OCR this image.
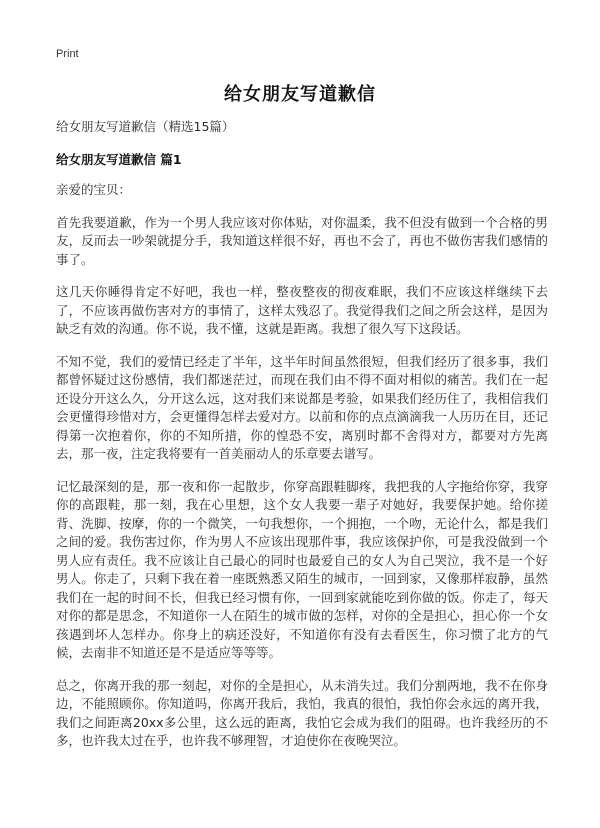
Print
给女朋友写道歉信

给女朋友写道歉信（精选15篇）

给女朋友写道歉信 篇1

亲爱的宝贝：

首先我要道歉，作为一个男人我应该对你体贴，对你温柔，我不但没有做到一个合格的男友，反而去一吵架就提分手，我知道这样很不好，再也不会了，再也不做伤害我们感情的事了。

这几天你睡得肯定不好吧，我也一样，整夜整夜的彻夜难眠，我们不应该这样继续下去了，不应该再做伤害对方的事情了，这样太残忍了。我觉得我们之间之所会这样，是因为缺乏有效的沟通。你不说，我不懂，这就是距离。我想了很久写下这段话。

不知不觉，我们的爱情已经走了半年，这半年时间虽然很短，但我们经历了很多事，我们都曾怀疑过这份感情，我们都迷茫过，而现在我们由不得不面对相似的痛苦。我们在一起还设分开这么久，分开这么远，这对我们来说都是考验，如果我们经历住了，我相信我们会更懂得珍惜对方，会更懂得怎样去爱对方。以前和你的点点滴滴我一人历历在目，还记得第一次抱着你，你的不知所措，你的惶恐不安，离别时都不舍得对方，都要对方先离去，那一夜，注定我将要有一首美丽动人的乐章要去谱写。

记忆最深刻的是，那一夜和你一起散步，你穿高跟鞋脚疼，我把我的人字拖给你穿，我穿你的高跟鞋，那一刻，我在心里想，这个女人我要一辈子对她好，我要保护她。给你搓背、洗脚、按摩，你的一个微笑，一句我想你，一个拥抱，一个吻，无论什么，都是我们之间的爱。我伤害过你，作为男人不应该出现那件事，我应该保护你，可是我没做到一个男人应有责任。我不应该让自己最心的同时也最爱自己的女人为自己哭泣，我不是一个好男人。你走了，只剩下我在着一座既熟悉又陌生的城市，一回到家，又像那样寂静，虽然我们在一起的时间不长，但我已经习惯有你，一回到家就能吃到你做的饭。你走了，每天对你的都是思念，不知道你一人在陌生的城市做的怎样，对你的全是担心，担心你一个女孩遇到坏人怎样办。你身上的病还没好，不知道你有没有去看医生，你习惯了北方的气候，去南非不知道还是不是适应等等等。

总之，你离开我的那一刻起，对你的全是担心，从未消失过。我们分割两地，我不在你身边，不能照顾你。你知道吗，你离开我后，我怕，我真的很怕，我怕你会永远的离开我，我们之间距离20xx多公里，这么远的距离，我怕它会成为我们的阻碍。也许我经历的不多，也许我太过在乎，也许我不够理智，才迫使你在夜晚哭泣。
